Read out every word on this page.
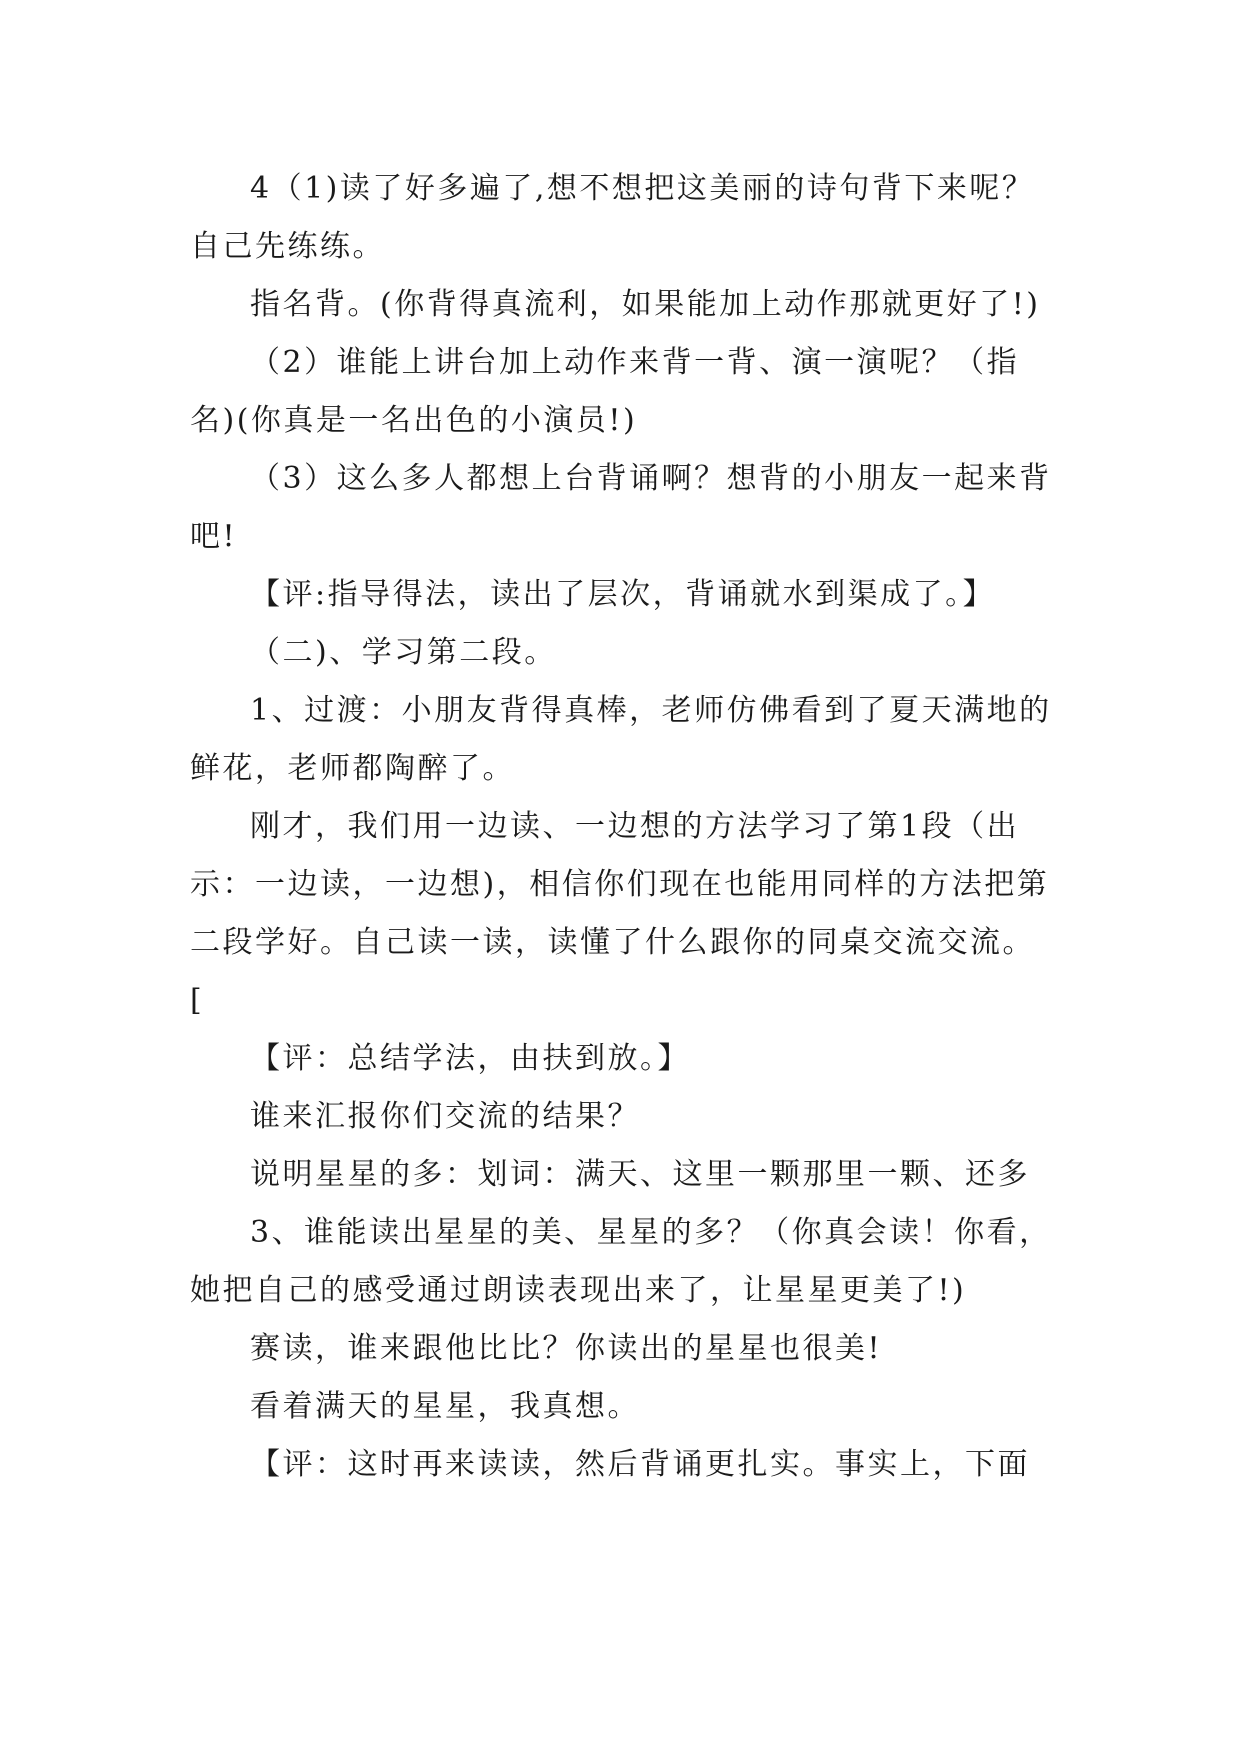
4（1)读了好多遍了,想不想把这美丽的诗句背下来呢？自己先练练。

指名背。(你背得真流利，如果能加上动作那就更好了!)

（2）谁能上讲台加上动作来背一背、演一演呢？（指名)(你真是一名出色的小演员!)

（3）这么多人都想上台背诵啊？想背的小朋友一起来背吧!

【评:指导得法，读出了层次，背诵就水到渠成了。】

（二)、学习第二段。

1、过渡：小朋友背得真棒，老师仿佛看到了夏天满地的鲜花，老师都陶醉了。

刚才，我们用一边读、一边想的方法学习了第1段（出示：一边读，一边想)，相信你们现在也能用同样的方法把第二段学好。自己读一读，读懂了什么跟你的同桌交流交流。

[

【评：总结学法，由扶到放。】

谁来汇报你们交流的结果？

说明星星的多：划词：满天、这里一颗那里一颗、还多

3、谁能读出星星的美、星星的多？（你真会读！你看，她把自己的感受通过朗读表现出来了，让星星更美了!)

赛读，谁来跟他比比？你读出的星星也很美!

看着满天的星星，我真想。

【评：这时再来读读，然后背诵更扎实。事实上，下面
